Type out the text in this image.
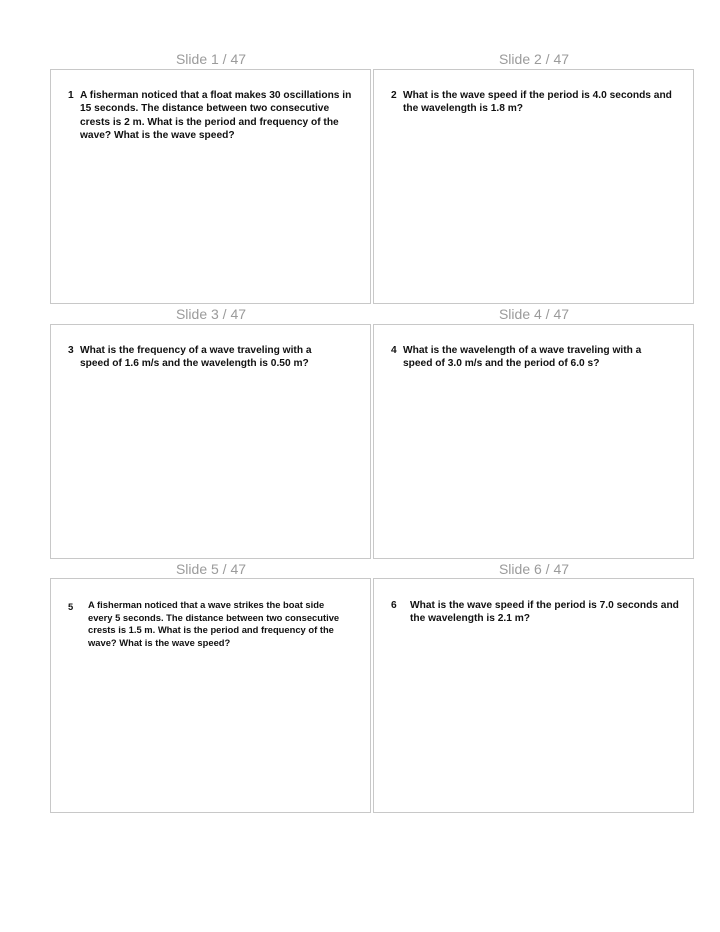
Slide 1 / 47	Slide 2 / 47
1 A fisherman noticed that a float makes 30 oscillations in 15 seconds. The distance between two consecutive crests is 2 m. What is the period and frequency of the wave? What is the wave speed?
2 What is the wave speed if the period is 4.0 seconds and the wavelength is 1.8 m?
Slide 3 / 47	Slide 4 / 47
3 What is the frequency of a wave traveling with a speed of 1.6 m/s and the wavelength is 0.50 m?
4 What is the wavelength of a wave traveling with a speed of 3.0 m/s and the period of 6.0 s?
Slide 5 / 47	Slide 6 / 47
5	A fisherman noticed that a wave strikes the boat side every 5 seconds. The distance between two consecutive crests is 1.5 m. What is the period and frequency of the wave? What is the wave speed?
6	What is the wave speed if the period is 7.0 seconds and the wavelength is 2.1 m?
